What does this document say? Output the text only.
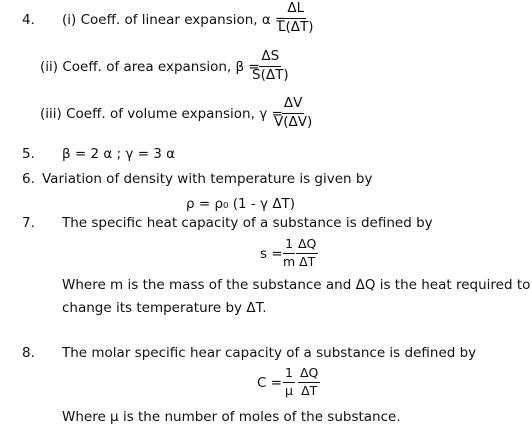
4. (i) Coeff. of linear expansion, α =
$\frac{\Delta L}{L(\Delta T)}$
(ii) Coeff. of area expansion, β =
$\frac{\Delta S}{S(\Delta T)}$
(iii) Coeff. of volume expansion, γ =
$\frac{\Delta V}{V(\Delta V)}$
5. β = 2 α ; γ = 3 α
6. Variation of density with temperature is given by
ρ = ρ₀ (1 - γ ΔT)
7. The specific heat capacity of a substance is defined by
s =
$\frac{1}{m}$
$\frac{\Delta Q}{\Delta T}$
Where m is the mass of the substance and ΔQ is the heat required to
change its temperature by ΔT.
8. The molar specific hear capacity of a substance is defined by
$C = \frac{1}{\mu} \frac{\Delta Q}{\Delta T}$
Where μ is the number of moles of the substance.
